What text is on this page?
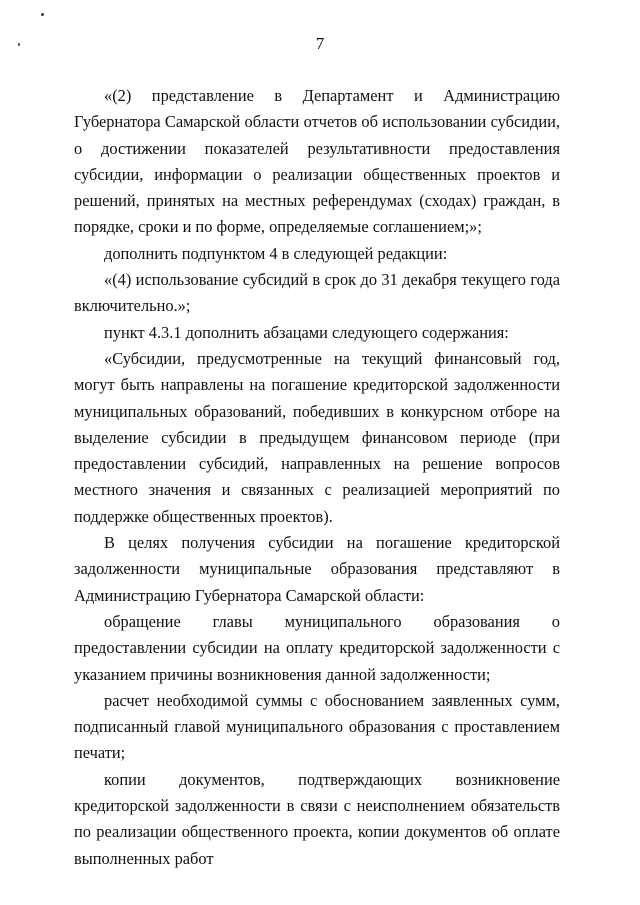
7

«(2) представление в Департамент и Администрацию Губернатора Самарской области отчетов об использовании субсидии, о достижении показателей результативности предоставления субсидии, информации о реализации общественных проектов и решений, принятых на местных референдумах (сходах) граждан, в порядке, сроки и по форме, определяемые соглашением;»;

дополнить подпунктом 4 в следующей редакции:

«(4) использование субсидий в срок до 31 декабря текущего года включительно.»;

пункт 4.3.1 дополнить абзацами следующего содержания:

«Субсидии, предусмотренные на текущий финансовый год, могут быть направлены на погашение кредиторской задолженности муниципальных образований, победивших в конкурсном отборе на выделение субсидии в предыдущем финансовом периоде (при предоставлении субсидий, направленных на решение вопросов местного значения и связанных с реализацией мероприятий по поддержке общественных проектов).

В целях получения субсидии на погашение кредиторской задолженности муниципальные образования представляют в Администрацию Губернатора Самарской области:

обращение главы муниципального образования о предоставлении субсидии на оплату кредиторской задолженности с указанием причины возникновения данной задолженности;

расчет необходимой суммы с обоснованием заявленных сумм, подписанный главой муниципального образования с проставлением печати;

копии документов, подтверждающих возникновение кредиторской задолженности в связи с неисполнением обязательств по реализации общественного проекта, копии документов об оплате выполненных работ
